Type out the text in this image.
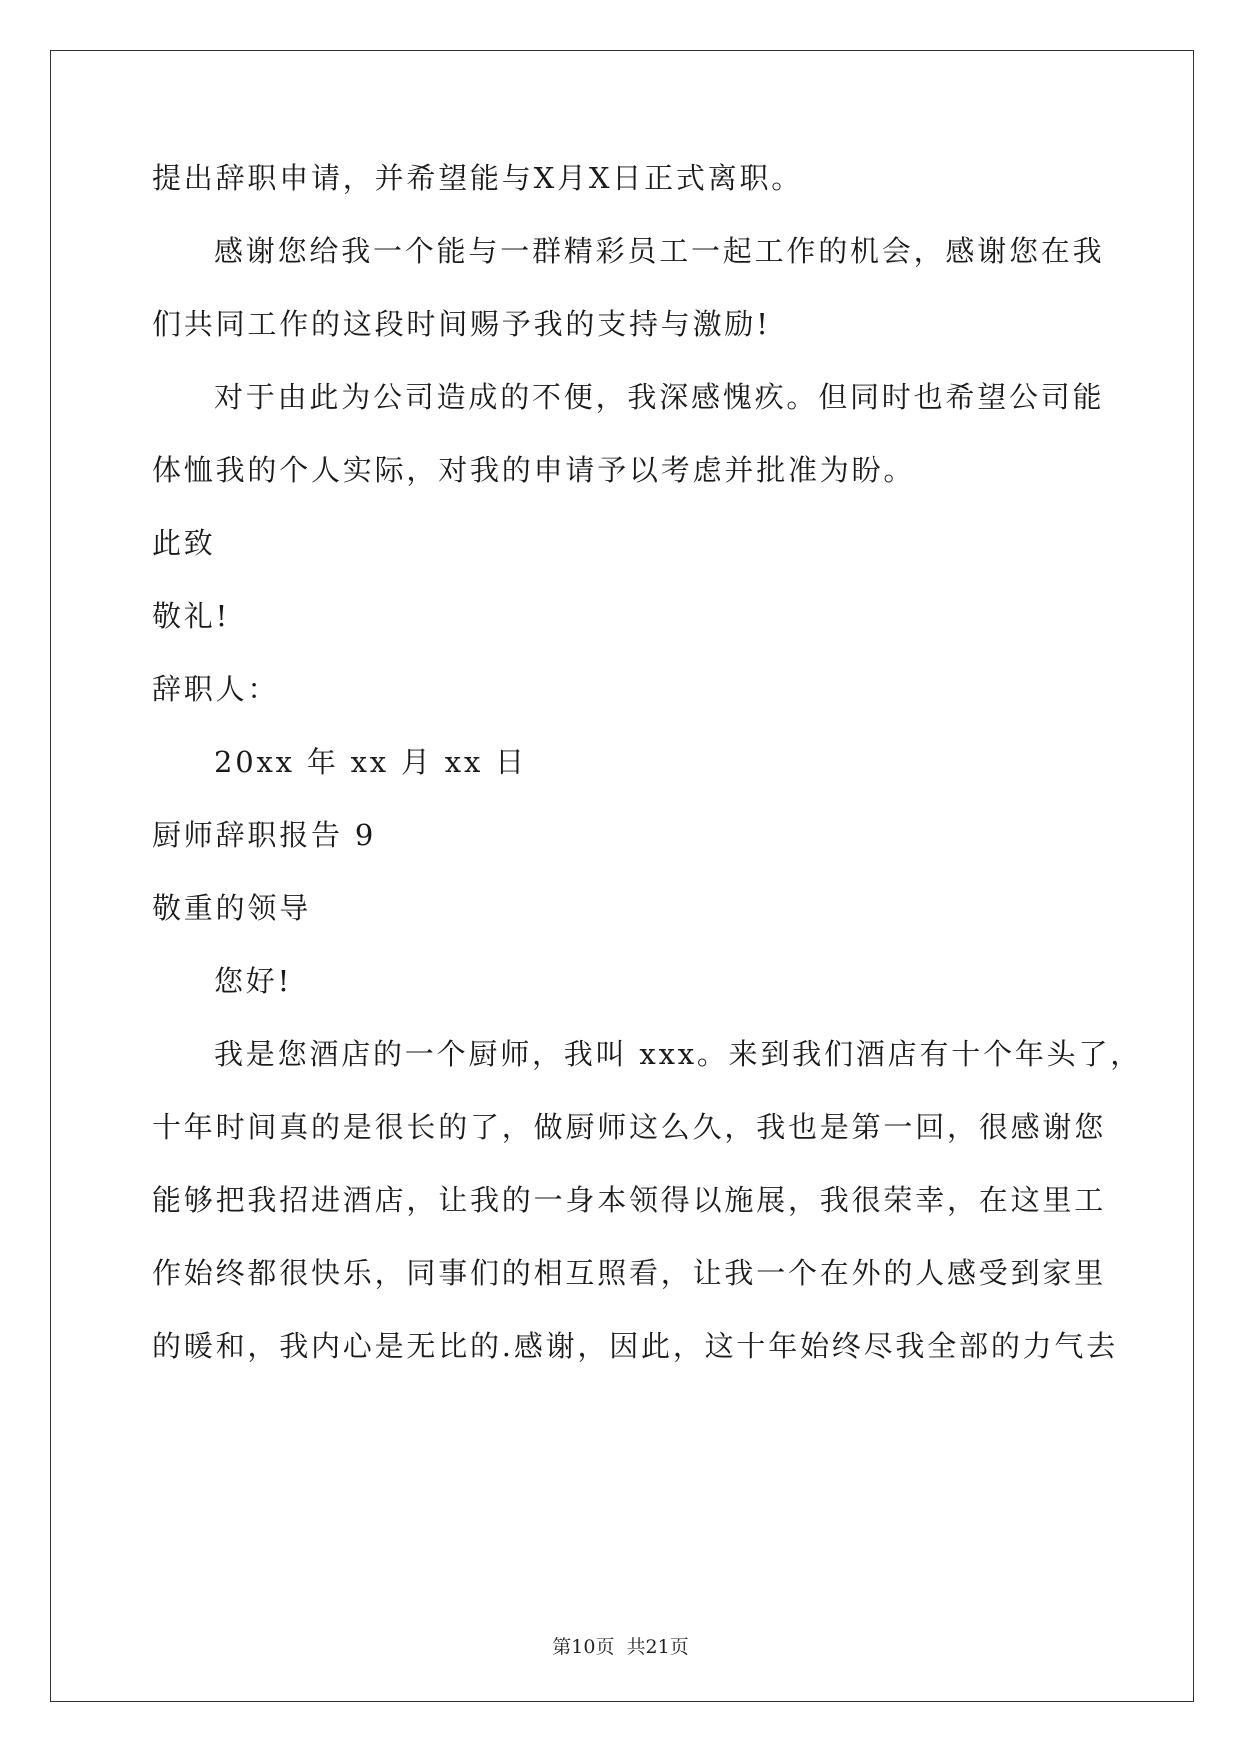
提出辞职申请，并希望能与X月X日正式离职。
感谢您给我一个能与一群精彩员工一起工作的机会，感谢您在我
们共同工作的这段时间赐予我的支持与激励!
对于由此为公司造成的不便，我深感愧疚。但同时也希望公司能
体恤我的个人实际，对我的申请予以考虑并批准为盼。
此致
敬礼!
辞职人：
20xx 年 xx 月 xx 日
厨师辞职报告 9
敬重的领导
您好!
我是您酒店的一个厨师，我叫 xxx。来到我们酒店有十个年头了，
十年时间真的是很长的了，做厨师这么久，我也是第一回，很感谢您
能够把我招进酒店，让我的一身本领得以施展，我很荣幸，在这里工
作始终都很快乐，同事们的相互照看，让我一个在外的人感受到家里
的暖和，我内心是无比的.感谢，因此，这十年始终尽我全部的力气去
第10页  共21页
